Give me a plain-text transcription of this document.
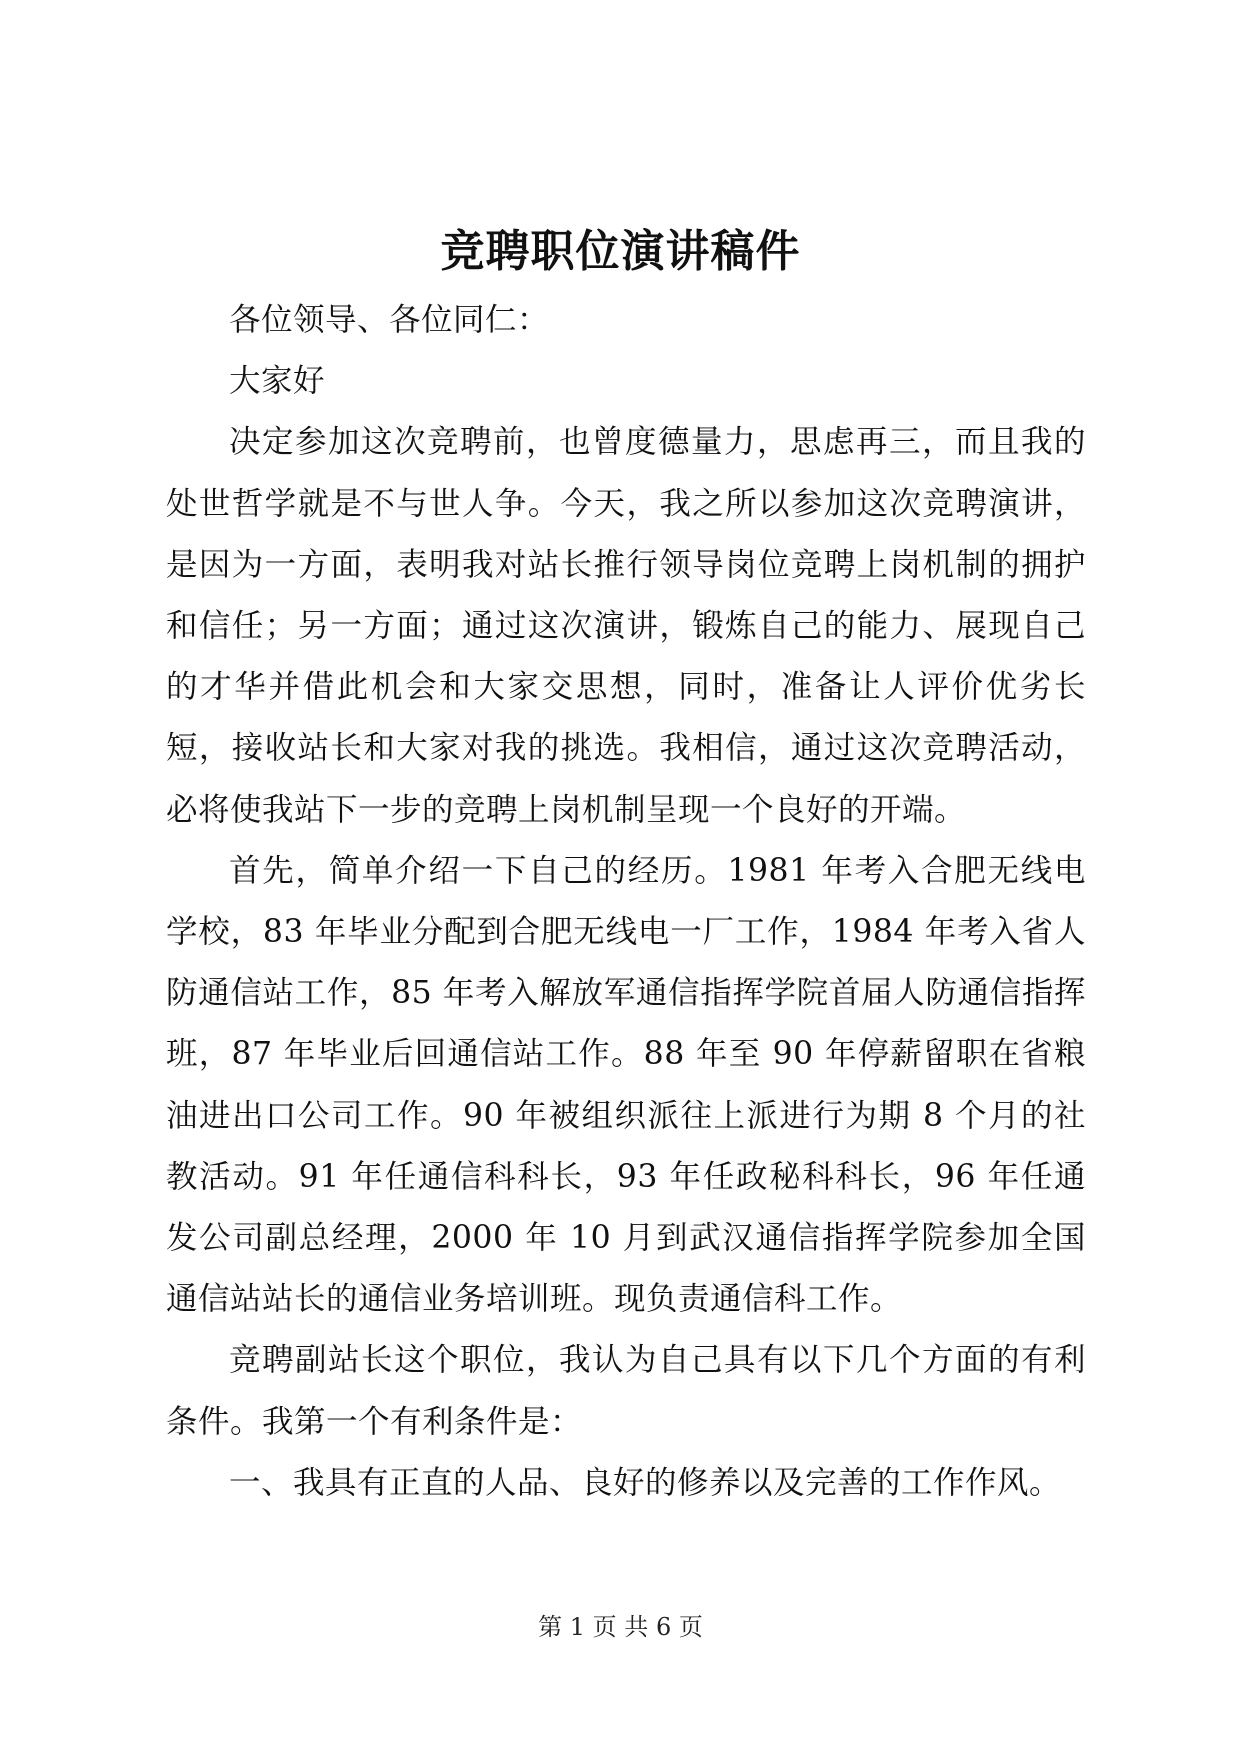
竞聘职位演讲稿件

各位领导、各位同仁：

大家好

决定参加这次竞聘前，也曾度德量力，思虑再三，而且我的处世哲学就是不与世人争。今天，我之所以参加这次竞聘演讲，是因为一方面，表明我对站长推行领导岗位竞聘上岗机制的拥护和信任；另一方面；通过这次演讲，锻炼自己的能力、展现自己的才华并借此机会和大家交思想，同时，准备让人评价优劣长短，接收站长和大家对我的挑选。我相信，通过这次竞聘活动，必将使我站下一步的竞聘上岗机制呈现一个良好的开端。

首先，简单介绍一下自己的经历。1981 年考入合肥无线电学校，83 年毕业分配到合肥无线电一厂工作，1984 年考入省人防通信站工作，85 年考入解放军通信指挥学院首届人防通信指挥班，87 年毕业后回通信站工作。88 年至 90 年停薪留职在省粮油进出口公司工作。90 年被组织派往上派进行为期 8 个月的社教活动。91 年任通信科科长，93 年任政秘科科长，96 年任通发公司副总经理，2000 年 10 月到武汉通信指挥学院参加全国通信站站长的通信业务培训班。现负责通信科工作。

竞聘副站长这个职位，我认为自己具有以下几个方面的有利条件。我第一个有利条件是：

一、我具有正直的人品、良好的修养以及完善的工作作风。

第 1 页 共 6 页
